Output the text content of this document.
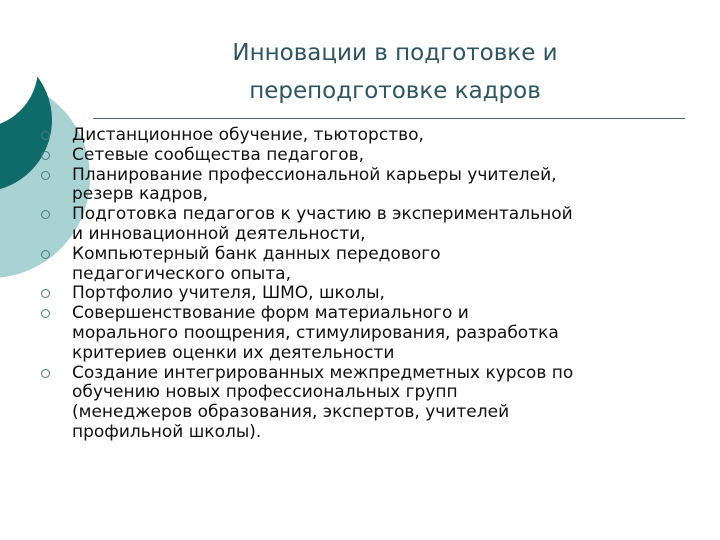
Инновации в подготовке и
переподготовке кадров
Дистанционное обучение, тьюторство,
Сетевые сообщества педагогов,
Планирование профессиональной карьеры учителей,
резерв кадров,
Подготовка педагогов к участию в экспериментальной
и инновационной деятельности,
Компьютерный банк данных передового
педагогического опыта,
Портфолио учителя, ШМО, школы,
Совершенствование форм материального и
морального поощрения, стимулирования, разработка
критериев оценки их деятельности
Создание интегрированных межпредметных курсов по
обучению новых профессиональных групп
(менеджеров образования, экспертов, учителей
профильной школы).
